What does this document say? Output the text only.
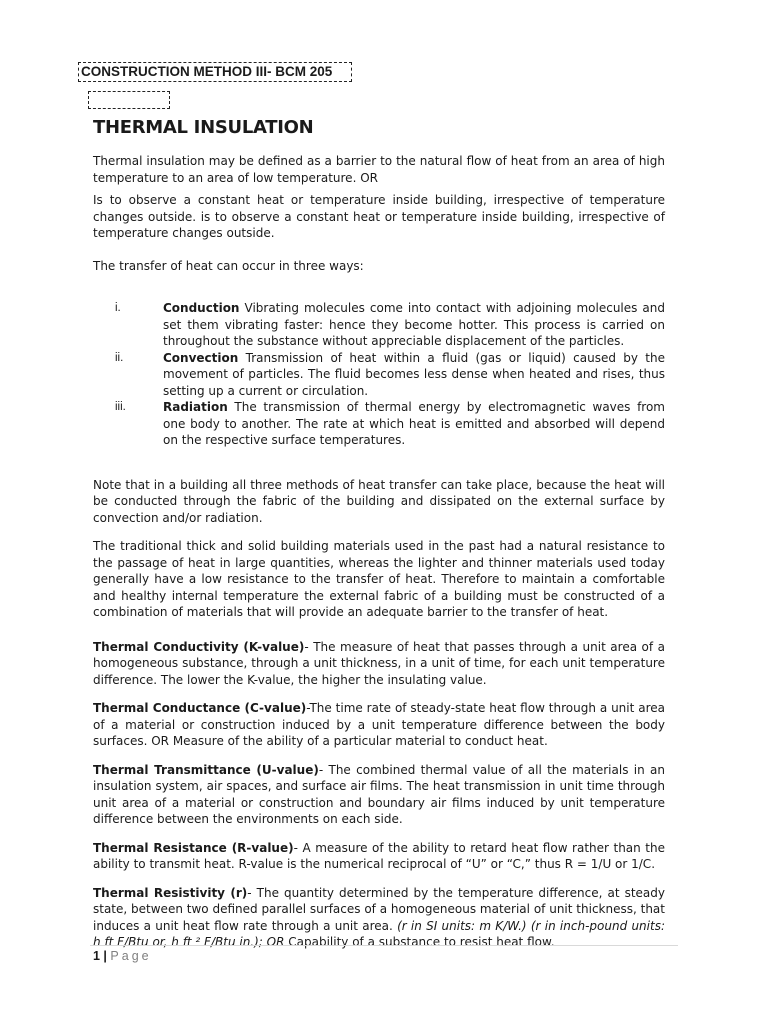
CONSTRUCTION METHOD III- BCM 205
THERMAL INSULATION

Thermal insulation may be defined as a barrier to the natural flow of heat from an area of high temperature to an area of low temperature. OR

Is to observe a constant heat or temperature inside building, irrespective of temperature changes outside. is to observe a constant heat or temperature inside building, irrespective of temperature changes outside.

The transfer of heat can occur in three ways:

i.	Conduction Vibrating molecules come into contact with adjoining molecules and set them vibrating faster: hence they become hotter. This process is carried on throughout the substance without appreciable displacement of the particles.
ii.	Convection Transmission of heat within a fluid (gas or liquid) caused by the movement of particles. The fluid becomes less dense when heated and rises, thus setting up a current or circulation.
iii.	Radiation The transmission of thermal energy by electromagnetic waves from one body to another. The rate at which heat is emitted and absorbed will depend on the respective surface temperatures.

Note that in a building all three methods of heat transfer can take place, because the heat will be conducted through the fabric of the building and dissipated on the external surface by convection and/or radiation.

The traditional thick and solid building materials used in the past had a natural resistance to the passage of heat in large quantities, whereas the lighter and thinner materials used today generally have a low resistance to the transfer of heat. Therefore to maintain a comfortable and healthy internal temperature the external fabric of a building must be constructed of a combination of materials that will provide an adequate barrier to the transfer of heat.

Thermal Conductivity (K-value)- The measure of heat that passes through a unit area of a homogeneous substance, through a unit thickness, in a unit of time, for each unit temperature difference. The lower the K-value, the higher the insulating value.

Thermal Conductance (C-value)-The time rate of steady-state heat flow through a unit area of a material or construction induced by a unit temperature difference between the body surfaces. OR Measure of the ability of a particular material to conduct heat.

Thermal Transmittance (U-value)- The combined thermal value of all the materials in an insulation system, air spaces, and surface air films. The heat transmission in unit time through unit area of a material or construction and boundary air films induced by unit temperature difference between the environments on each side.

Thermal Resistance (R-value)- A measure of the ability to retard heat flow rather than the ability to transmit heat. R-value is the numerical reciprocal of “U” or “C,” thus R = 1/U or 1/C.

Thermal Resistivity (r)- The quantity determined by the temperature difference, at steady state, between two defined parallel surfaces of a homogeneous material of unit thickness, that induces a unit heat flow rate through a unit area. (r in SI units: m K/W.) (r in inch-pound units: h ft F/Btu or, h ft ² F/Btu in.); OR Capability of a substance to resist heat flow.

1 | Page
